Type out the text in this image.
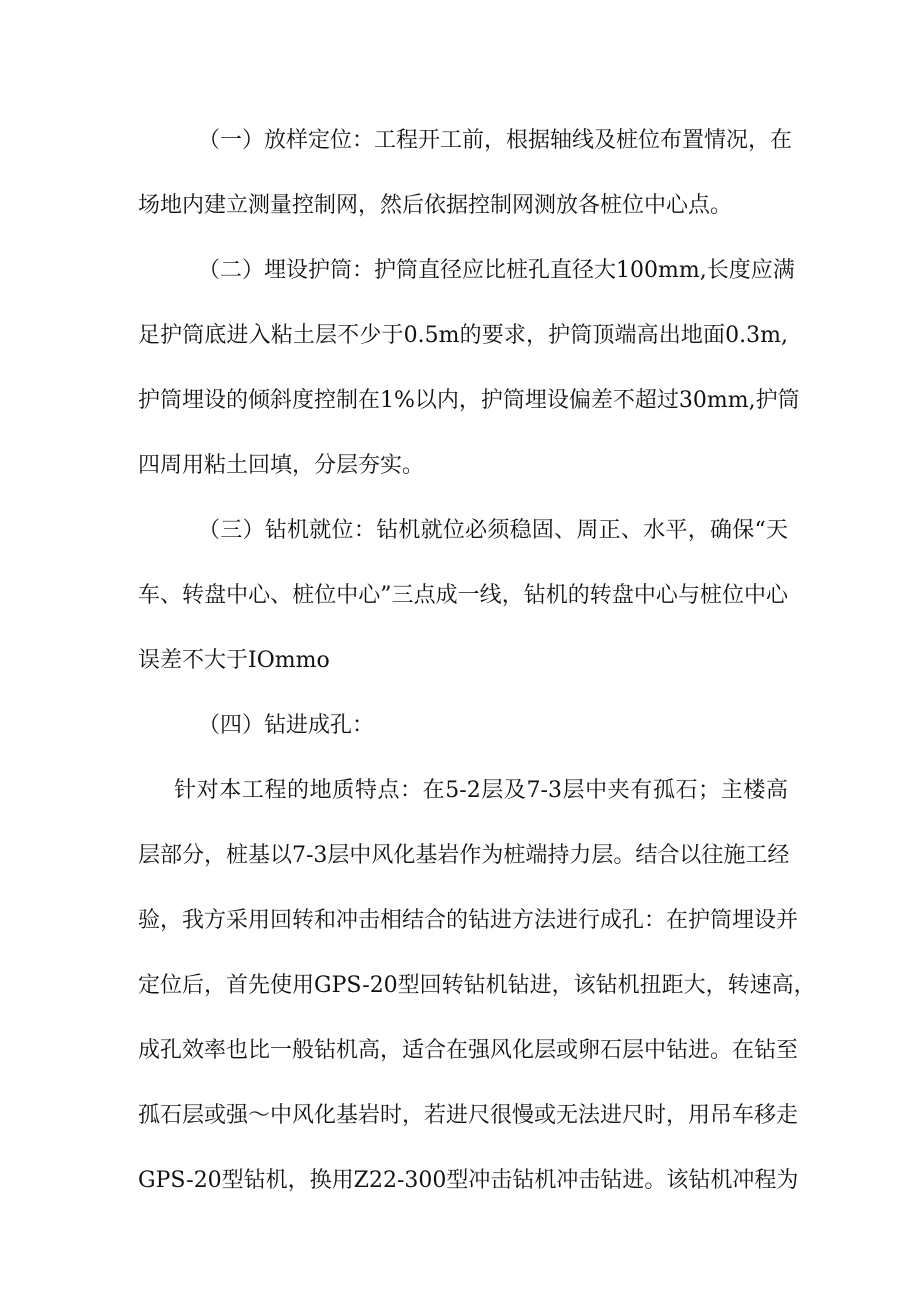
（一）放样定位：工程开工前，根据轴线及桩位布置情况，在
场地内建立测量控制网，然后依据控制网测放各桩位中心点。
（二）埋设护筒：护筒直径应比桩孔直径大100mm,长度应满
足护筒底进入粘土层不少于0.5m的要求，护筒顶端高出地面0.3m,
护筒埋设的倾斜度控制在1%以内，护筒埋设偏差不超过30mm,护筒
四周用粘土回填，分层夯实。
（三）钻机就位：钻机就位必须稳固、周正、水平，确保“天
车、转盘中心、桩位中心”三点成一线，钻机的转盘中心与桩位中心
误差不大于IOmmo
（四）钻进成孔：
针对本工程的地质特点：在5-2层及7-3层中夹有孤石；主楼高
层部分，桩基以7-3层中风化基岩作为桩端持力层。结合以往施工经
验，我方采用回转和冲击相结合的钻进方法进行成孔：在护筒埋设并
定位后，首先使用GPS-20型回转钻机钻进，该钻机扭距大，转速高，
成孔效率也比一般钻机高，适合在强风化层或卵石层中钻进。在钻至
孤石层或强～中风化基岩时，若进尺很慢或无法进尺时，用吊车移走
GPS-20型钻机，换用Z22-300型冲击钻机冲击钻进。该钻机冲程为
